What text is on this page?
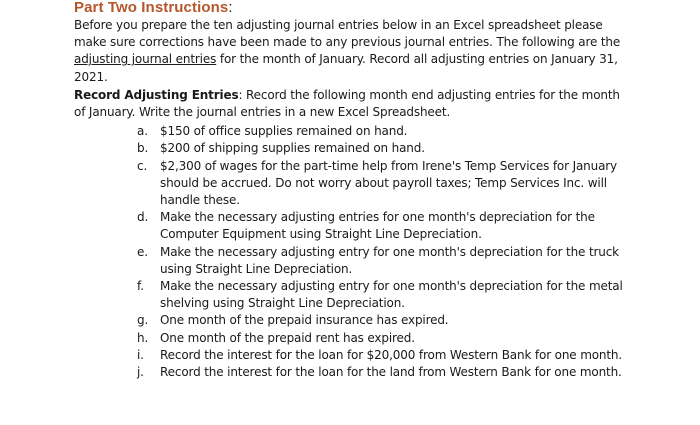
Part Two Instructions:

Before you prepare the ten adjusting journal entries below in an Excel spreadsheet please make sure corrections have been made to any previous journal entries. The following are the adjusting journal entries for the month of January. Record all adjusting entries on January 31, 2021.

Record Adjusting Entries: Record the following month end adjusting entries for the month of January. Write the journal entries in a new Excel Spreadsheet.

a. $150 of office supplies remained on hand.
b. $200 of shipping supplies remained on hand.
c. $2,300 of wages for the part-time help from Irene's Temp Services for January should be accrued. Do not worry about payroll taxes; Temp Services Inc. will handle these.
d. Make the necessary adjusting entries for one month's depreciation for the Computer Equipment using Straight Line Depreciation.
e. Make the necessary adjusting entry for one month's depreciation for the truck using Straight Line Depreciation.
f. Make the necessary adjusting entry for one month's depreciation for the metal shelving using Straight Line Depreciation.
g. One month of the prepaid insurance has expired.
h. One month of the prepaid rent has expired.
i. Record the interest for the loan for $20,000 from Western Bank for one month.
j. Record the interest for the loan for the land from Western Bank for one month.
